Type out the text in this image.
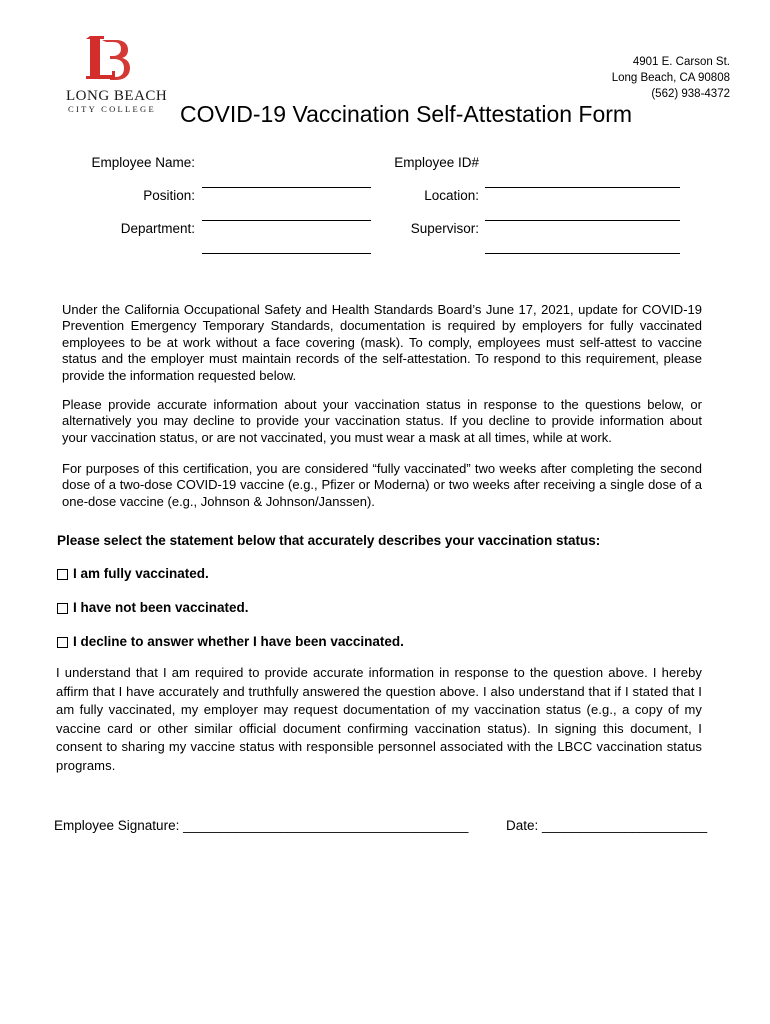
LONG BEACH
CITY COLLEGE
4901 E. Carson St.
Long Beach, CA 90808
(562) 938-4372
COVID-19 Vaccination Self-Attestation Form
Employee Name:	Employee ID#
Position:	Location:
Department:	Supervisor:
Under the California Occupational Safety and Health Standards Board’s June 17, 2021, update for COVID-19 Prevention Emergency Temporary Standards, documentation is required by employers for fully vaccinated employees to be at work without a face covering (mask). To comply, employees must self-attest to vaccine status and the employer must maintain records of the self-attestation. To respond to this requirement, please provide the information requested below.
Please provide accurate information about your vaccination status in response to the questions below, or alternatively you may decline to provide your vaccination status. If you decline to provide information about your vaccination status, or are not vaccinated, you must wear a mask at all times, while at work.
For purposes of this certification, you are considered “fully vaccinated” two weeks after completing the second dose of a two-dose COVID-19 vaccine (e.g., Pfizer or Moderna) or two weeks after receiving a single dose of a one-dose vaccine (e.g., Johnson & Johnson/Janssen).
Please select the statement below that accurately describes your vaccination status:
I am fully vaccinated.
I have not been vaccinated.
I decline to answer whether I have been vaccinated.
I understand that I am required to provide accurate information in response to the question above. I hereby affirm that I have accurately and truthfully answered the question above. I also understand that if I stated that I am fully vaccinated, my employer may request documentation of my vaccination status (e.g., a copy of my vaccine card or other similar official document confirming vaccination status). In signing this document, I consent to sharing my vaccine status with responsible personnel associated with the LBCC vaccination status programs.
Employee Signature: ______________________________________	Date: ______________________
